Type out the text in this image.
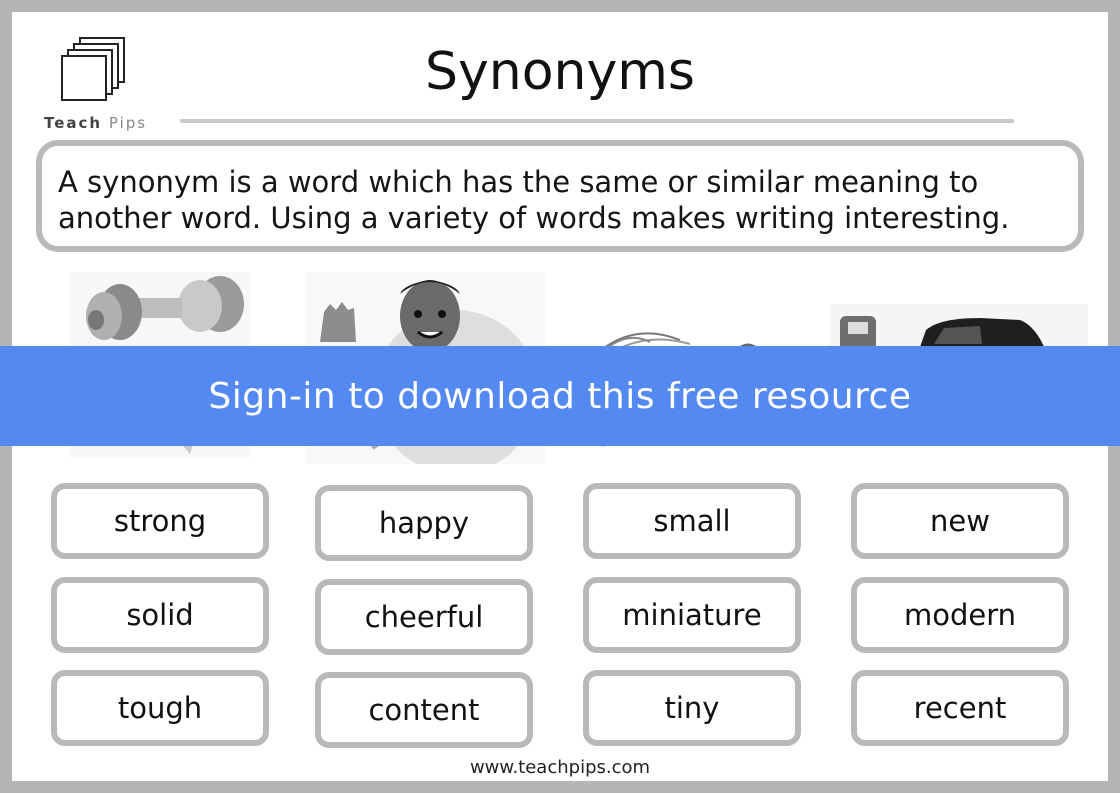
Teach Pips
Synonyms
A synonym is a word which has the same or similar meaning to another word. Using a variety of words makes writing interesting.
Sign-in to download this free resource
strong
solid
tough
happy
cheerful
content
small
miniature
tiny
new
modern
recent
www.teachpips.com
